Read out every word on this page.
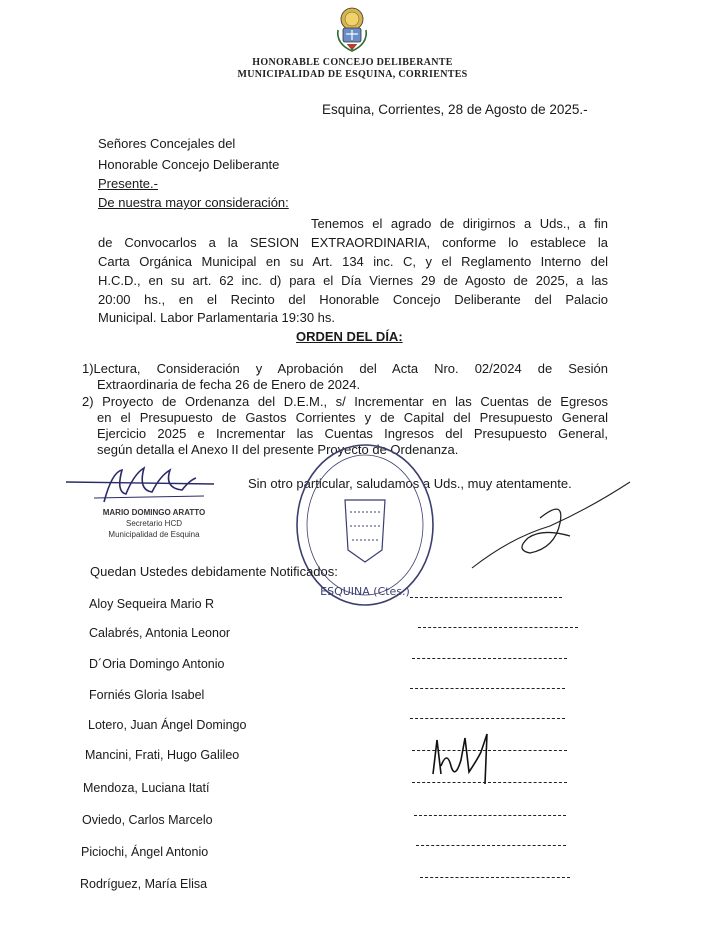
HONORABLE CONCEJO DELIBERANTE
MUNICIPALIDAD DE ESQUINA, CORRIENTES
Esquina, Corrientes, 28 de Agosto de 2025.-
Señores Concejales del
Honorable Concejo Deliberante
Presente.-
De nuestra mayor consideración:
Tenemos el agrado de dirigirnos a Uds., a fin
de Convocarlos a la SESION EXTRAORDINARIA, conforme lo establece la
Carta Orgánica Municipal en su Art. 134 inc. C, y el Reglamento Interno del
H.C.D., en su art. 62 inc. d) para el Día Viernes 29 de Agosto de 2025, a las
20:00 hs., en el Recinto del Honorable Concejo Deliberante del Palacio
Municipal. Labor Parlamentaria 19:30 hs.
ORDEN DEL DÍA:
1)Lectura, Consideración y Aprobación del Acta Nro. 02/2024 de Sesión
Extraordinaria de fecha 26 de Enero de 2024.
2) Proyecto de Ordenanza del D.E.M., s/ Incrementar en las Cuentas de Egresos
en el Presupuesto de Gastos Corrientes y de Capital del Presupuesto General
Ejercicio 2025 e Incrementar las Cuentas Ingresos del Presupuesto General,
según detalla el Anexo II del presente Proyecto de Ordenanza.
Sin otro particular, saludamos a Uds., muy atentamente.
MARIO DOMINGO ARATTO
Secretario HCD
Municipalidad de Esquina
ESQUINA (Ctes.)
Quedan Ustedes debidamente Notificados:
Aloy Sequeira Mario R
Calabrés, Antonia Leonor
D´Oria Domingo Antonio
Forniés Gloria Isabel
Lotero, Juan Ángel Domingo
Mancini, Frati, Hugo Galileo
Mendoza, Luciana Itatí
Oviedo, Carlos Marcelo
Piciochi, Ángel Antonio
Rodríguez, María Elisa
